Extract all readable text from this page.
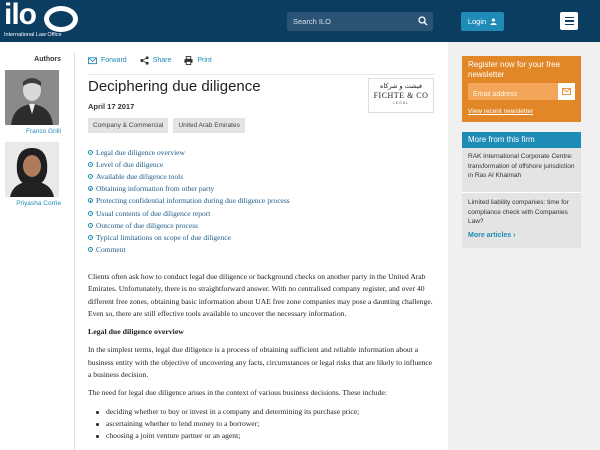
ilo
International Law Office
Search ILO
Login
Authors
Franco Grilli
Priyasha Corrie
Forward	Share	Print
Deciphering due diligence
April 17 2017
Company & Commercial	United Arab Emirates
فيشت و شركاه
FICHTE & CO
LEGAL
Legal due diligence overview
Level of due diligence
Available due diligence tools
Obtaining information from other party
Protecting confidential information during due diligence process
Usual contents of due diligence report
Outcome of due diligence process
Typical limitations on scope of due diligence
Comment

Clients often ask how to conduct legal due diligence or background checks on another party in the United Arab Emirates. Unfortunately, there is no straightforward answer. With no centralised company register, and over 40 different free zones, obtaining basic information about UAE free zone companies may pose a daunting challenge. Even so, there are still effective tools available to uncover the necessary information.

Legal due diligence overview

In the simplest terms, legal due diligence is a process of obtaining sufficient and reliable information about a business entity with the objective of uncovering any facts, circumstances or legal risks that are likely to influence a business decision.

The need for legal due diligence arises in the context of various business decisions. These include:

deciding whether to buy or invest in a company and determining its purchase price;
ascertaining whether to lend money to a borrower;
choosing a joint venture partner or an agent;
Register now for your free newsletter
Email address
View recent newsletter
More from this firm
RAK International Corporate Centre: transformation of offshore jurisdiction in Ras Al Khaimah
Limited liability companies: time for compliance check with Companies Law?
More articles ›
